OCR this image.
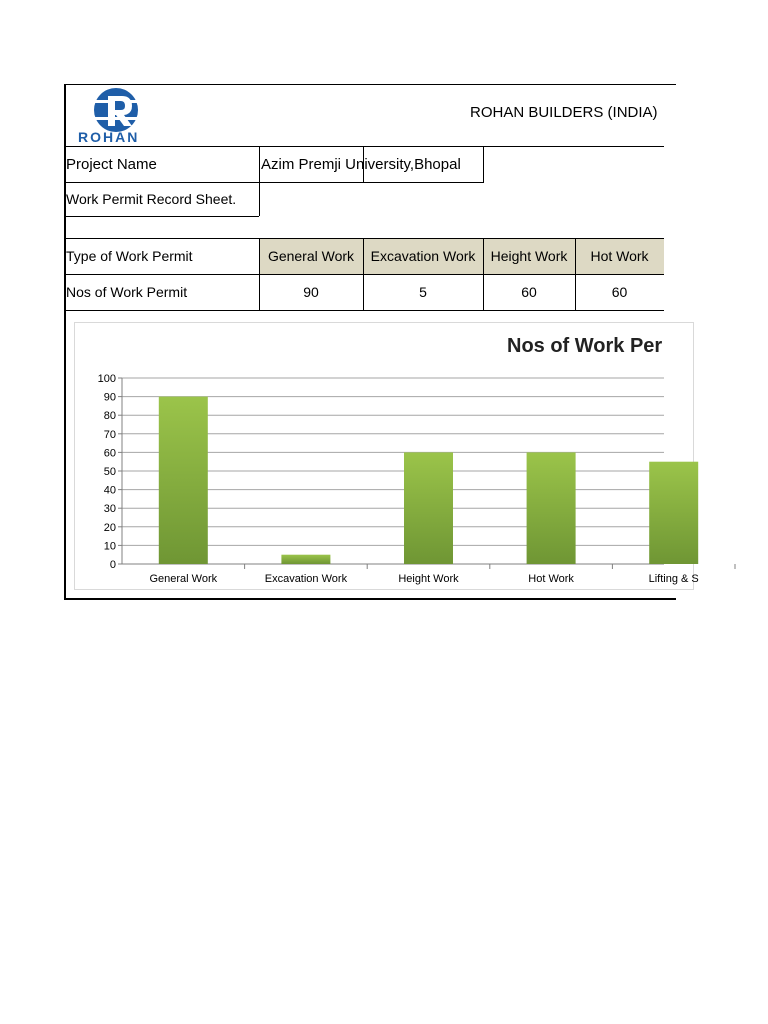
ROHAN
ROHAN BUILDERS (INDIA)
Project Name	Azim Premji University,Bhopal
Work Permit Record Sheet.
Type of Work Permit	General Work	Excavation Work	Height Work	Hot Work
Nos of Work Permit	90	5	60	60
Nos of Work Per
0
10
20
30
40
50
60
70
80
90
100
General Work	Excavation Work	Height Work	Hot Work	Lifting & S
